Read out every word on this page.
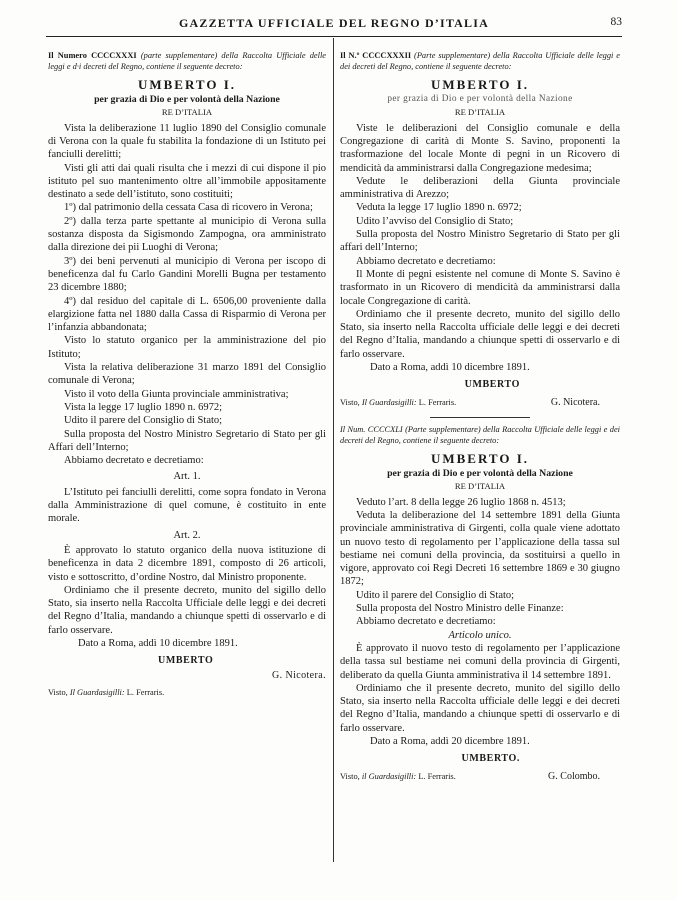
GAZZETTA UFFICIALE DEL REGNO D’ITALIA	83
Il Numero CCCCXXXI (parte supplementare) della Raccolta Ufficiale delle leggi e d·i decreti del Regno, contiene il seguente decreto:
UMBERTO I.
per grazia di Dio e per volontà della Nazione
RE D’ITALIA

Vista la deliberazione 11 luglio 1890 del Consiglio comunale di Verona con la quale fu stabilita la fondazione di un Istituto pei fanciulli derelitti;

Visti gli atti dai quali risulta che i mezzi di cui dispone il pio istituto pel suo mantenimento oltre all’immobile appositamente destinato a sede dell’istituto, sono costituiti;

1º) dal patrimonio della cessata Casa di ricovero in Verona;

2º) dalla terza parte spettante al municipio di Verona sulla sostanza disposta da Sigismondo Zampogna, ora amministrato dalla direzione dei pii Luoghi di Verona;

3º) dei beni pervenuti al municipio di Verona per iscopo di beneficenza dal fu Carlo Gandini Morelli Bugna per testamento 23 dicembre 1880;

4º) dal residuo del capitale di L. 6506,00 proveniente dalla elargizione fatta nel 1880 dalla Cassa di Risparmio di Verona per l’infanzia abbandonata;

Visto lo statuto organico per la amministrazione del pio Istituto;

Vista la relativa deliberazione 31 marzo 1891 del Consiglio comunale di Verona;

Visto il voto della Giunta provinciale amministrativa;

Vista la legge 17 luglio 1890 n. 6972;

Udito il parere del Consiglio di Stato;

Sulla proposta del Nostro Ministro Segretario di Stato per gli Affari dell’Interno;

Abbiamo decretato e decretiamo:

Art. 1.

L’Istituto pei fanciulli derelitti, come sopra fondato in Verona dalla Amministrazione di quel comune, è costituito in ente morale.

Art. 2.

È approvato lo statuto organico della nuova istituzione di beneficenza in data 2 dicembre 1891, composto di 26 articoli, visto e sottoscritto, d’ordine Nostro, dal Ministro proponente.

Ordiniamo che il presente decreto, munito del sigillo dello Stato, sia inserto nella Raccolta Ufficiale delle leggi e dei decreti del Regno d’Italia, mandando a chiunque spetti di osservarlo e di farlo osservare.

Dato a Roma, addì 10 dicembre 1891.

UMBERTO
G. Nicotera.
Visto, Il Guardasigilli: L. Ferraris.
Il N.º CCCCXXXII (Parte supplementare) della Raccolta Ufficiale delle leggi e dei decreti del Regno, contiene il seguente decreto:
UMBERTO I.
per grazia di Dio e per volontà della Nazione
RE D’ITALIA

Viste le deliberazioni del Consiglio comunale e della Congregazione di carità di Monte S. Savino, proponenti la trasformazione del locale Monte di pegni in un Ricovero di mendicità da amministrarsi dalla Congregazione medesima;

Vedute le deliberazioni della Giunta provinciale amministrativa di Arezzo;

Veduta la legge 17 luglio 1890 n. 6972;

Udito l’avviso del Consiglio di Stato;

Sulla proposta del Nostro Ministro Segretario di Stato per gli affari dell’Interno;

Abbiamo decretato e decretiamo:

Il Monte di pegni esistente nel comune di Monte S. Savino è trasformato in un Ricovero di mendicità da amministrarsi dalla locale Congregazione di carità.

Ordiniamo che il presente decreto, munito del sigillo dello Stato, sia inserto nella Raccolta ufficiale delle leggi e dei decreti del Regno d’Italia, mandando a chiunque spetti di osservarlo e di farlo osservare.

Dato a Roma, addì 10 dicembre 1891.

UMBERTO
Visto, Il Guardasigilli: L. Ferraris.	G. Nicotera.
Il Num. CCCCXLI (Parte supplementare) della Raccolta Ufficiale delle leggi e dei decreti del Regno, contiene il seguente decreto:
UMBERTO I.
per grazia di Dio e per volontà della Nazione
RE D’ITALIA

Veduto l’art. 8 della legge 26 luglio 1868 n. 4513;

Veduta la deliberazione del 14 settembre 1891 della Giunta provinciale amministrativa di Girgenti, colla quale viene adottato un nuovo testo di regolamento per l’applicazione della tassa sul bestiame nei comuni della provincia, da sostituirsi a quello in vigore, approvato coi Regi Decreti 16 settembre 1869 e 30 giugno 1872;

Udito il parere del Consiglio di Stato;

Sulla proposta del Nostro Ministro delle Finanze:

Abbiamo decretato e decretiamo:

Articolo unico.

È approvato il nuovo testo di regolamento per l’applicazione della tassa sul bestiame nei comuni della provincia di Girgenti, deliberato da quella Giunta amministrativa il 14 settembre 1891.

Ordiniamo che il presente decreto, munito del sigillo dello Stato, sia inserto nella Raccolta ufficiale delle leggi e dei decreti del Regno d’Italia, mandando a chiunque spetti di osservarlo e di farlo osservare.

Dato a Roma, addì 20 dicembre 1891.

UMBERTO.
Visto, il Guardasigilli: L. Ferraris.	G. Colombo.
